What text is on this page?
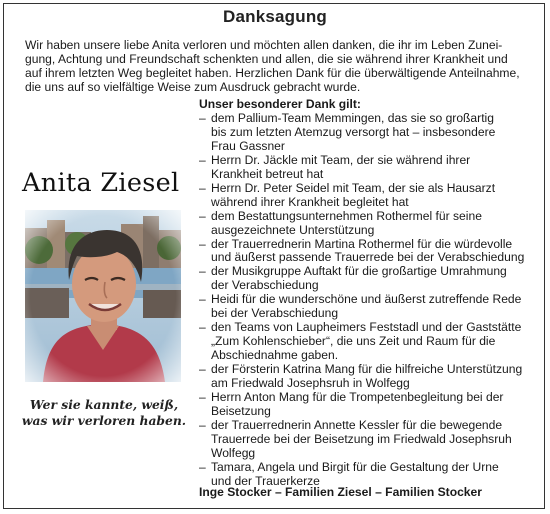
Danksagung

Wir haben unsere liebe Anita verloren und möchten allen danken, die ihr im Leben Zunei-

gung, Achtung und Freundschaft schenkten und allen, die sie während ihrer Krankheit und

auf ihrem letzten Weg begleitet haben. Herzlichen Dank für die überwältigende Anteilnahme,

die uns auf so vielfältige Weise zum Ausdruck gebracht wurde.

Anita Ziesel
Wer sie kannte, weiß,
was wir verloren haben.
Unser besonderer Dank gilt:
– dem Pallium-Team Memmingen, das sie so großartig
bis zum letzten Atemzug versorgt hat – insbesondere
Frau Gassner
– Herrn Dr. Jäckle mit Team, der sie während ihrer
Krankheit betreut hat
– Herrn Dr. Peter Seidel mit Team, der sie als Hausarzt
während ihrer Krankheit begleitet hat
– dem Bestattungsunternehmen Rothermel für seine
ausgezeichnete Unterstützung
– der Trauerrednerin Martina Rothermel für die würdevolle
und äußerst passende Trauerrede bei der Verabschiedung
– der Musikgruppe Auftakt für die großartige Umrahmung
der Verabschiedung
– Heidi für die wunderschöne und äußerst zutreffende Rede
bei der Verabschiedung
– den Teams von Laupheimers Feststadl und der Gaststätte
„Zum Kohlenschieber“, die uns Zeit und Raum für die
Abschiednahme gaben.
– der Försterin Katrina Mang für die hilfreiche Unterstützung
am Friedwald Josephsruh in Wolfegg
– Herrn Anton Mang für die Trompetenbegleitung bei der
Beisetzung
– der Trauerrednerin Annette Kessler für die bewegende
Trauerrede bei der Beisetzung im Friedwald Josephsruh
Wolfegg
– Tamara, Angela und Birgit für die Gestaltung der Urne
und der Trauerkerze
Inge Stocker – Familien Ziesel – Familien Stocker
